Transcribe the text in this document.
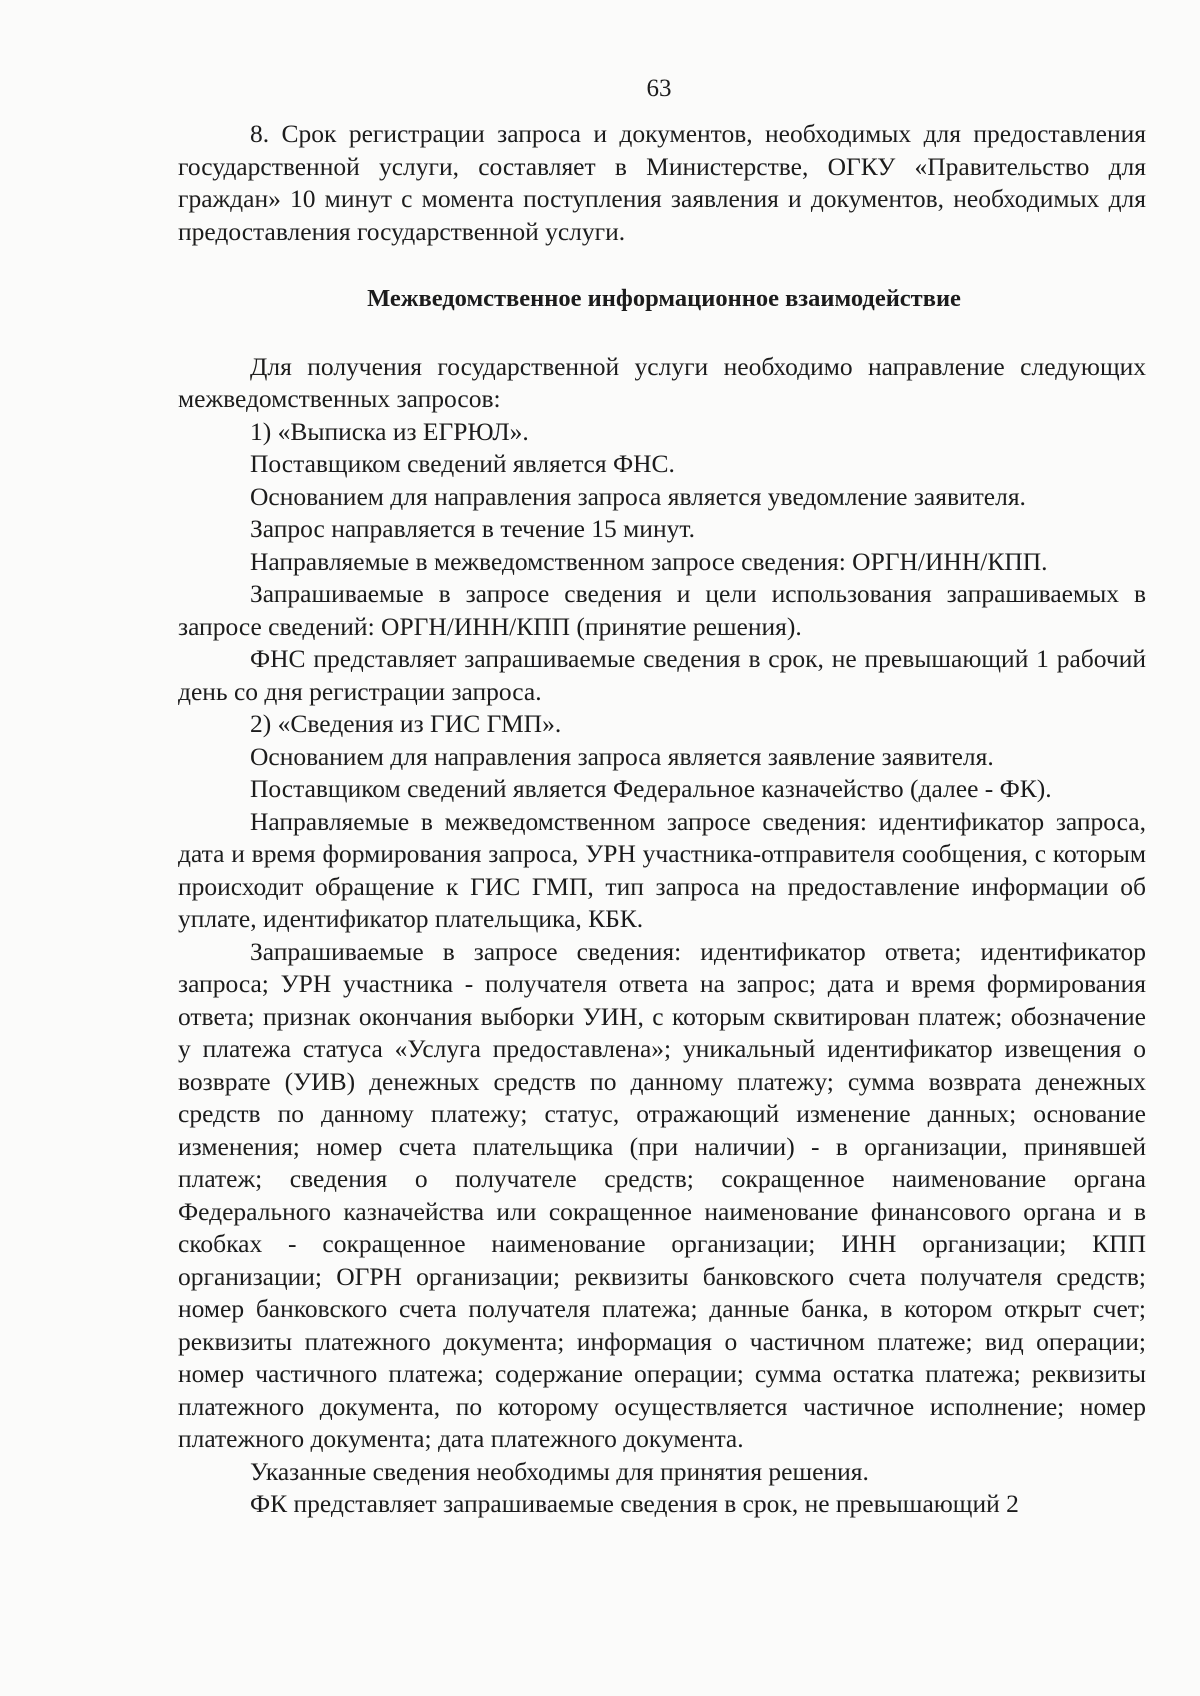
63

8. Срок регистрации запроса и документов, необходимых для предоставления государственной услуги, составляет в Министерстве, ОГКУ «Правительство для граждан» 10 минут с момента поступления заявления и документов, необходимых для предоставления государственной услуги.

Межведомственное информационное взаимодействие

Для получения государственной услуги необходимо направление следующих межведомственных запросов:

1) «Выписка из ЕГРЮЛ».

Поставщиком сведений является ФНС.

Основанием для направления запроса является уведомление заявителя.

Запрос направляется в течение 15 минут.

Направляемые в межведомственном запросе сведения: ОРГН/ИНН/КПП.

Запрашиваемые в запросе сведения и цели использования запрашиваемых в запросе сведений: ОРГН/ИНН/КПП (принятие решения).

ФНС представляет запрашиваемые сведения в срок, не превышающий 1 рабочий день со дня регистрации запроса.

2) «Сведения из ГИС ГМП».

Основанием для направления запроса является заявление заявителя.

Поставщиком сведений является Федеральное казначейство (далее - ФК).

Направляемые в межведомственном запросе сведения: идентификатор запроса, дата и время формирования запроса, УРН участника-отправителя сообщения, с которым происходит обращение к ГИС ГМП, тип запроса на предоставление информации об уплате, идентификатор плательщика, КБК.

Запрашиваемые в запросе сведения: идентификатор ответа; идентификатор запроса; УРН участника - получателя ответа на запрос; дата и время формирования ответа; признак окончания выборки УИН, с которым сквитирован платеж; обозначение у платежа статуса «Услуга предоставлена»; уникальный идентификатор извещения о возврате (УИВ) денежных средств по данному платежу; сумма возврата денежных средств по данному платежу; статус, отражающий изменение данных; основание изменения; номер счета плательщика (при наличии) - в организации, принявшей платеж; сведения о получателе средств; сокращенное наименование органа Федерального казначейства или сокращенное наименование финансового органа и в скобках - сокращенное наименование организации; ИНН организации; КПП организации; ОГРН организации; реквизиты банковского счета получателя средств; номер банковского счета получателя платежа; данные банка, в котором открыт счет; реквизиты платежного документа; информация о частичном платеже; вид операции; номер частичного платежа; содержание операции; сумма остатка платежа; реквизиты платежного документа, по которому осуществляется частичное исполнение; номер платежного документа; дата платежного документа.

Указанные сведения необходимы для принятия решения.

ФК представляет запрашиваемые сведения в срок, не превышающий 2
